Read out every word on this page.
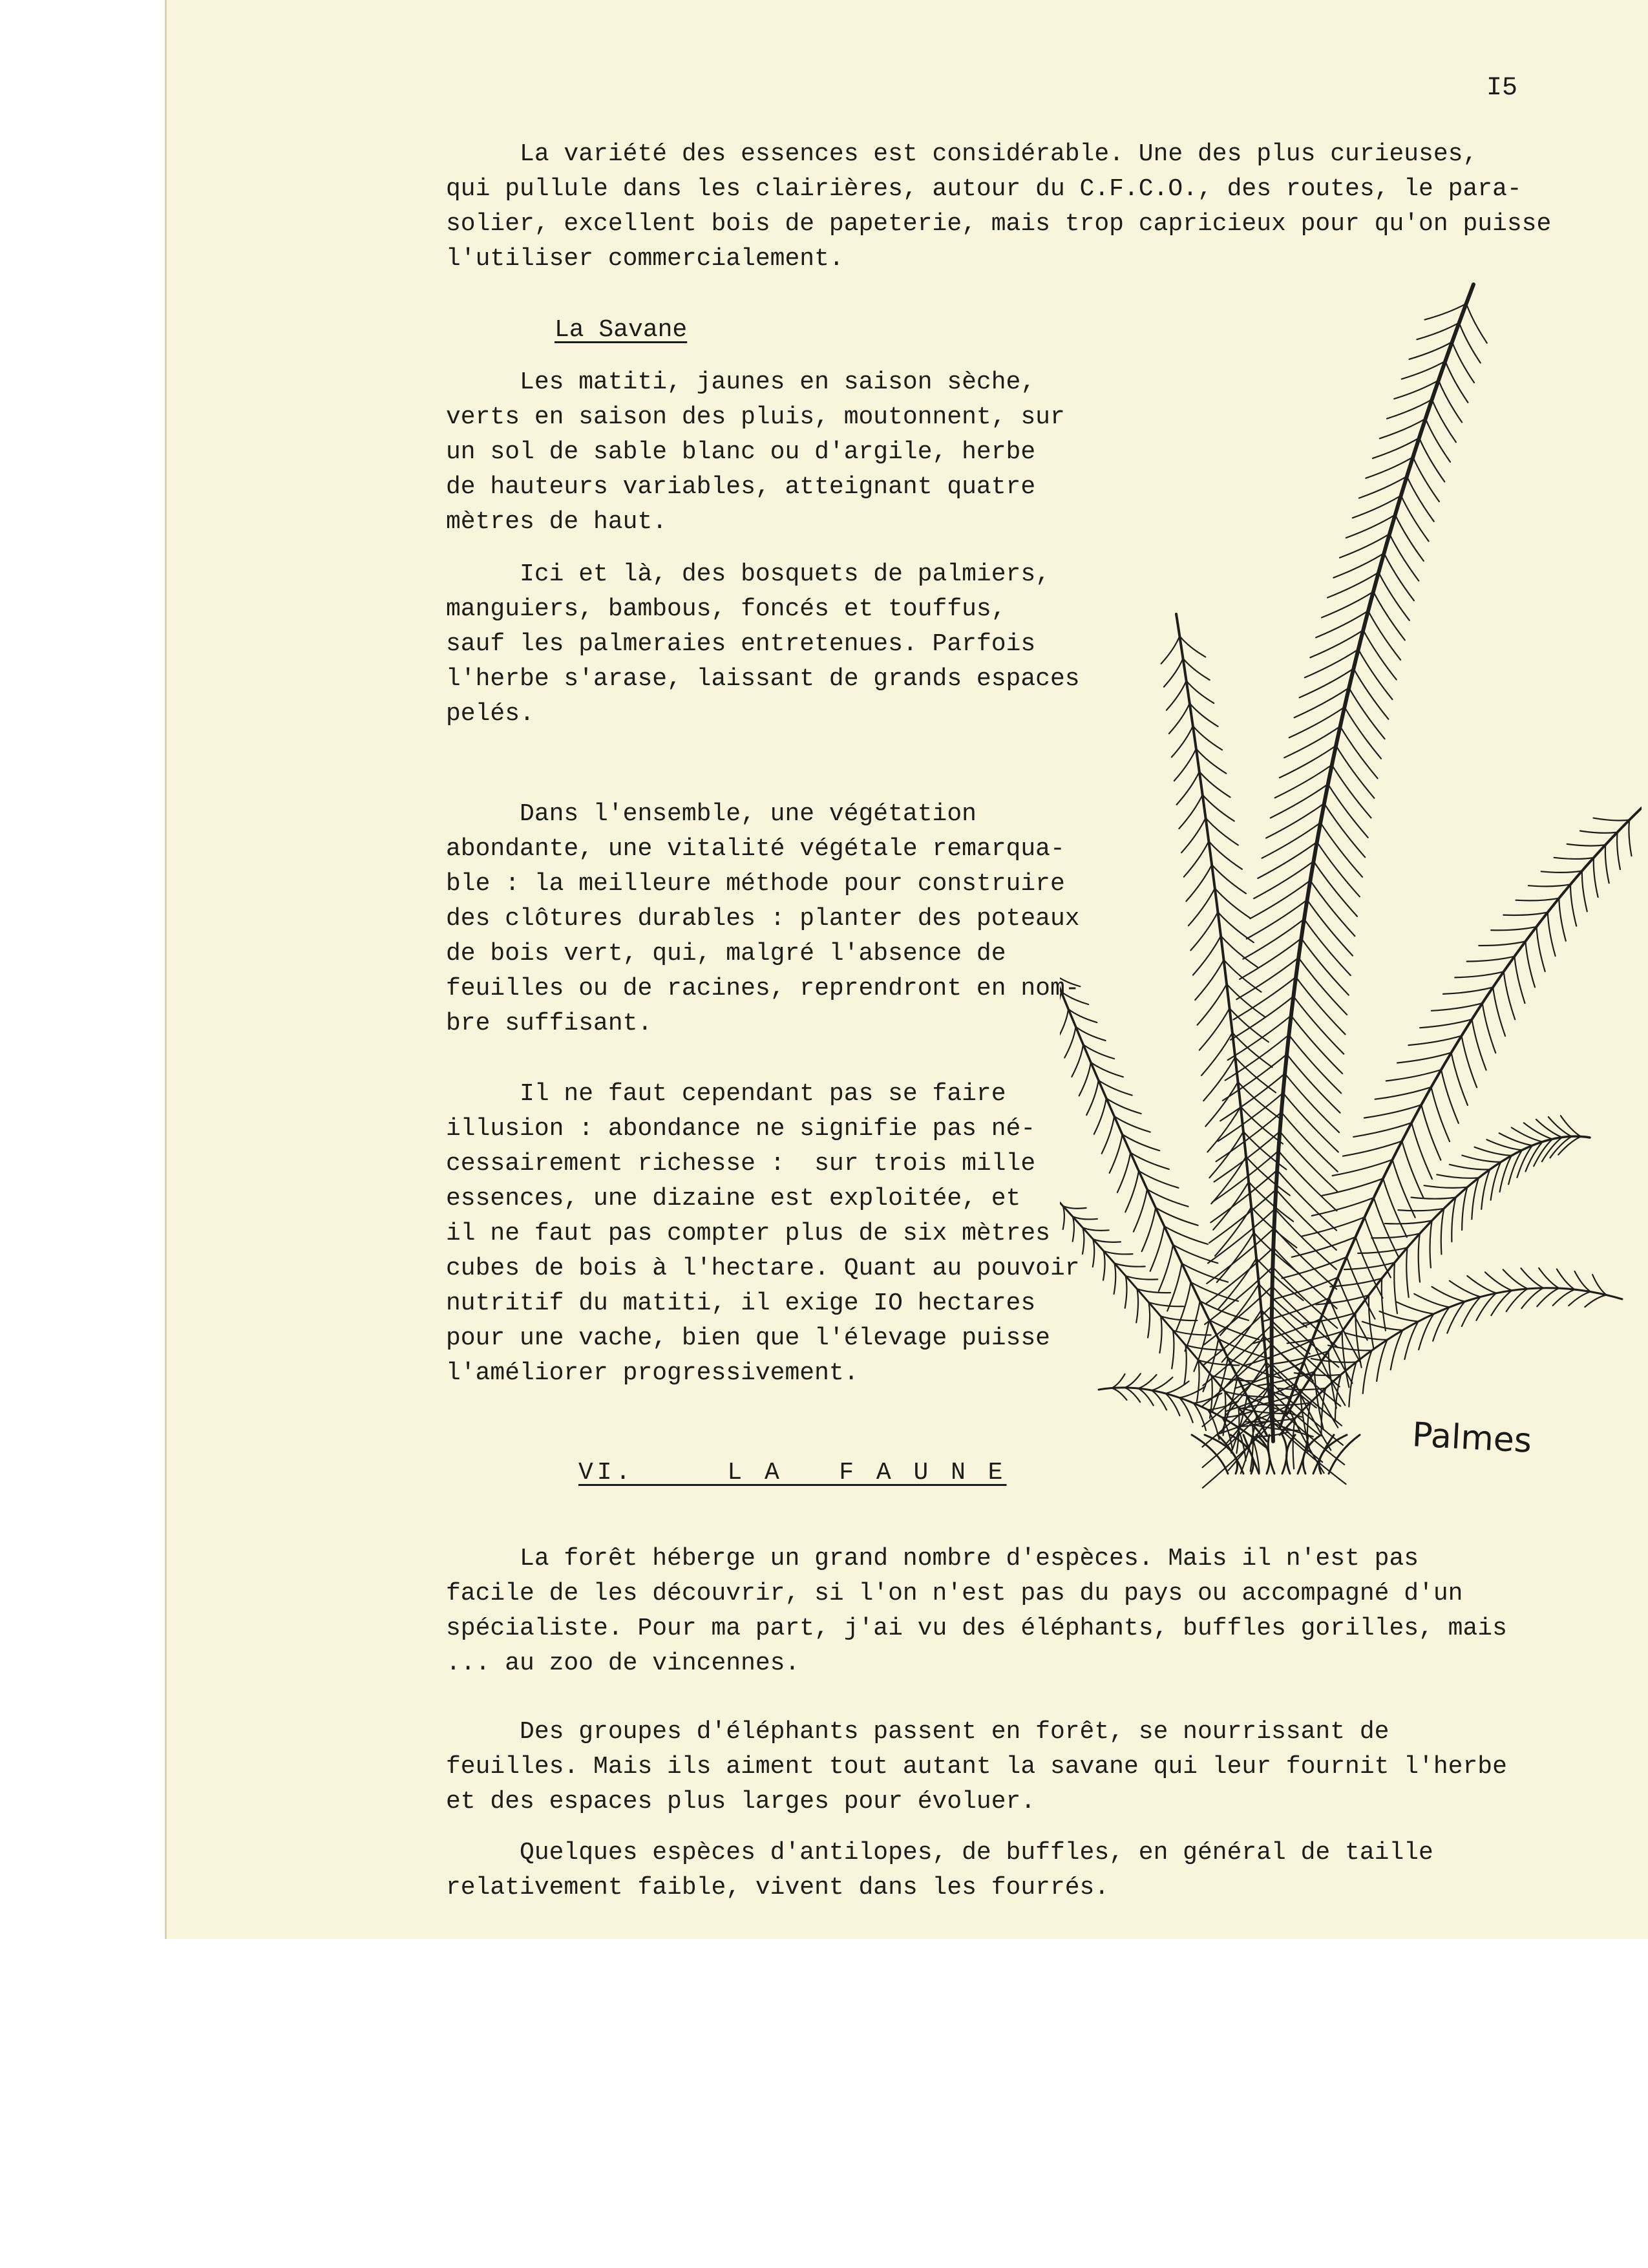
I5
La variété des essences est considérable. Une des plus curieuses,
qui pullule dans les clairières, autour du C.F.C.O., des routes, le para-
solier, excellent bois de papeterie, mais trop capricieux pour qu'on puisse
l'utiliser commercialement.
La Savane
Les matiti, jaunes en saison sèche,
verts en saison des pluis, moutonnent, sur
un sol de sable blanc ou d'argile, herbe
de hauteurs variables, atteignant quatre
mètres de haut.
Ici et là, des bosquets de palmiers,
manguiers, bambous, foncés et touffus,
sauf les palmeraies entretenues. Parfois
l'herbe s'arase, laissant de grands espaces
pelés.
Dans l'ensemble, une végétation
abondante, une vitalité végétale remarqua-
ble : la meilleure méthode pour construire
des clôtures durables : planter des poteaux
de bois vert, qui, malgré l'absence de
feuilles ou de racines, reprendront en nom-
bre suffisant.
Il ne faut cependant pas se faire
illusion : abondance ne signifie pas né-
cessairement richesse :  sur trois mille
essences, une dizaine est exploitée, et
il ne faut pas compter plus de six mètres
cubes de bois à l'hectare. Quant au pouvoir
nutritif du matiti, il exige IO hectares
pour une vache, bien que l'élevage puisse
l'améliorer progressivement.
VI.     L A   F A U N E
La forêt héberge un grand nombre d'espèces. Mais il n'est pas
facile de les découvrir, si l'on n'est pas du pays ou accompagné d'un
spécialiste. Pour ma part, j'ai vu des éléphants, buffles gorilles, mais
... au zoo de vincennes.
Des groupes d'éléphants passent en forêt, se nourrissant de
feuilles. Mais ils aiment tout autant la savane qui leur fournit l'herbe
et des espaces plus larges pour évoluer.
Quelques espèces d'antilopes, de buffles, en général de taille
relativement faible, vivent dans les fourrés.
Palmes
